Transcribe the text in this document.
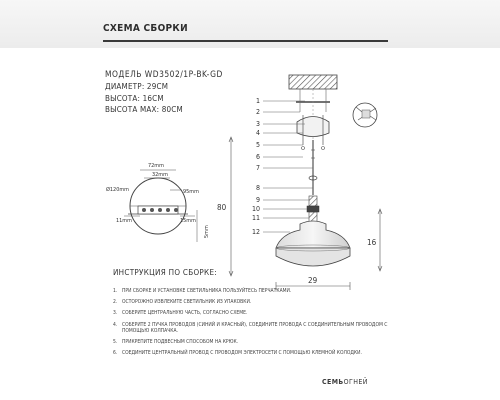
СХЕМА СБОРКИ
МОДЕЛЬ WD3502/1P-BK-GD
ДИАМЕТР: 29СМ
ВЫСОТА: 16СМ
ВЫСОТА МАХ: 80СМ
1
2
3
4
5
6
7
8
9
10
11
12
80
29
16
Ø120mm
72mm
32mm
95mm
11mm	15mm
5mm
ИНСТРУКЦИЯ ПО СБОРКЕ:
1. ПРИ СБОРКЕ И УСТАНОВКЕ СВЕТИЛЬНИКА ПОЛЬЗУЙТЕСЬ ПЕРЧАТКАМИ.
2. ОСТОРОЖНО ИЗВЛЕКИТЕ СВЕТИЛЬНИК ИЗ УПАКОВКИ.
3. СОБЕРИТЕ ЦЕНТРАЛЬНУЮ ЧАСТЬ, СОГЛАСНО СХЕМЕ.
4. СОБЕРИТЕ 2 ПУЧКА ПРОВОДОВ (СИНИЙ И КРАСНЫЙ), СОЕДИНИТЕ ПРОВОДА С СОЕДИНИТЕЛЬНЫМ ПРОВОДОМ С ПОМОЩЬЮ КОЛПАЧКА.
5. ПРИКРЕПИТЕ ПОДВЕСНЫМ СПОСОБОМ НА КРЮК.
6. СОЕДИНИТЕ ЦЕНТРАЛЬНЫЙ ПРОВОД С ПРОВОДОМ ЭЛЕКТРОСЕТИ С ПОМОЩЬЮ КЛЕМНОЙ КОЛОДКИ.
СЕМЬОГНЕЙ
